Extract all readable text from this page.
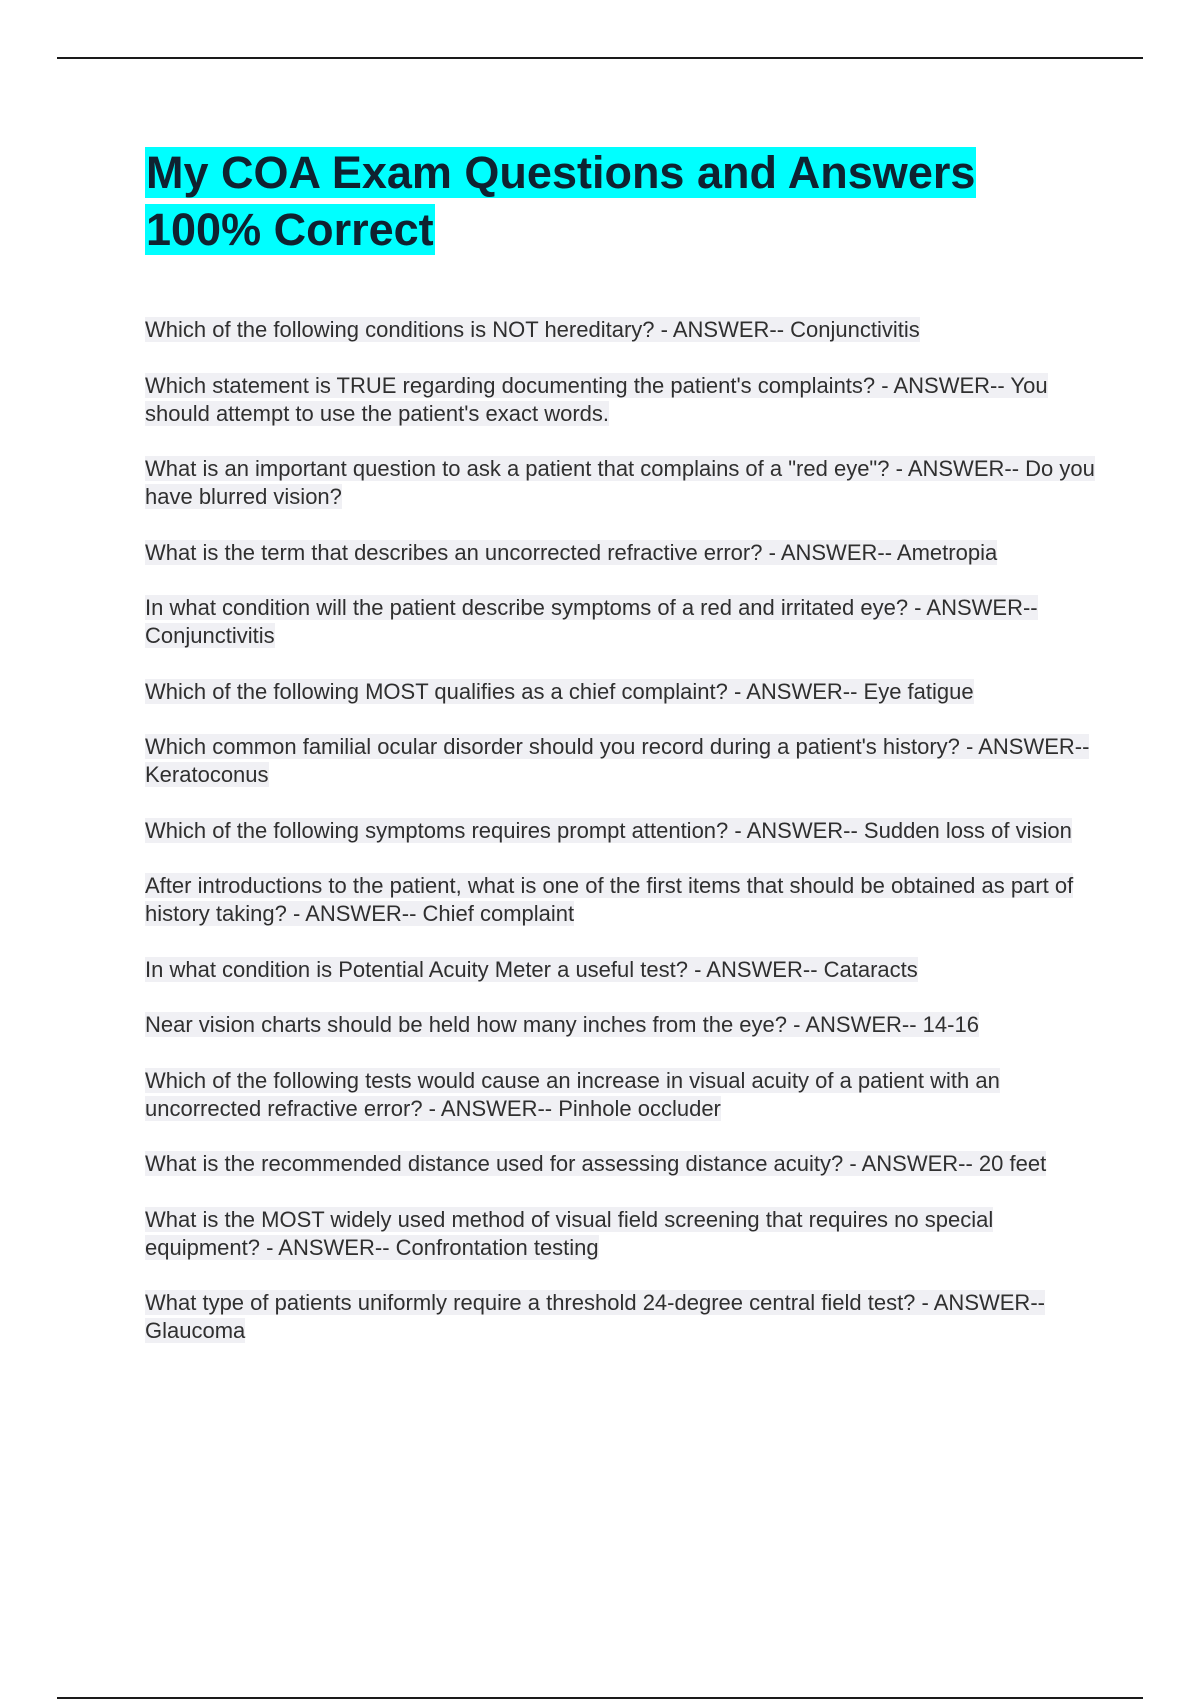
My COA Exam Questions and Answers 100% Correct
Which of the following conditions is NOT hereditary? - ANSWER-- Conjunctivitis
Which statement is TRUE regarding documenting the patient's complaints? - ANSWER-- You should attempt to use the patient's exact words.
What is an important question to ask a patient that complains of a "red eye"? - ANSWER-- Do you have blurred vision?
What is the term that describes an uncorrected refractive error? - ANSWER-- Ametropia
In what condition will the patient describe symptoms of a red and irritated eye? - ANSWER-- Conjunctivitis
Which of the following MOST qualifies as a chief complaint? - ANSWER-- Eye fatigue
Which common familial ocular disorder should you record during a patient's history? - ANSWER-- Keratoconus
Which of the following symptoms requires prompt attention? - ANSWER-- Sudden loss of vision
After introductions to the patient, what is one of the first items that should be obtained as part of history taking? - ANSWER-- Chief complaint
In what condition is Potential Acuity Meter a useful test? - ANSWER-- Cataracts
Near vision charts should be held how many inches from the eye? - ANSWER-- 14-16
Which of the following tests would cause an increase in visual acuity of a patient with an uncorrected refractive error? - ANSWER-- Pinhole occluder
What is the recommended distance used for assessing distance acuity? - ANSWER-- 20 feet
What is the MOST widely used method of visual field screening that requires no special equipment? - ANSWER-- Confrontation testing
What type of patients uniformly require a threshold 24-degree central field test? - ANSWER-- Glaucoma
